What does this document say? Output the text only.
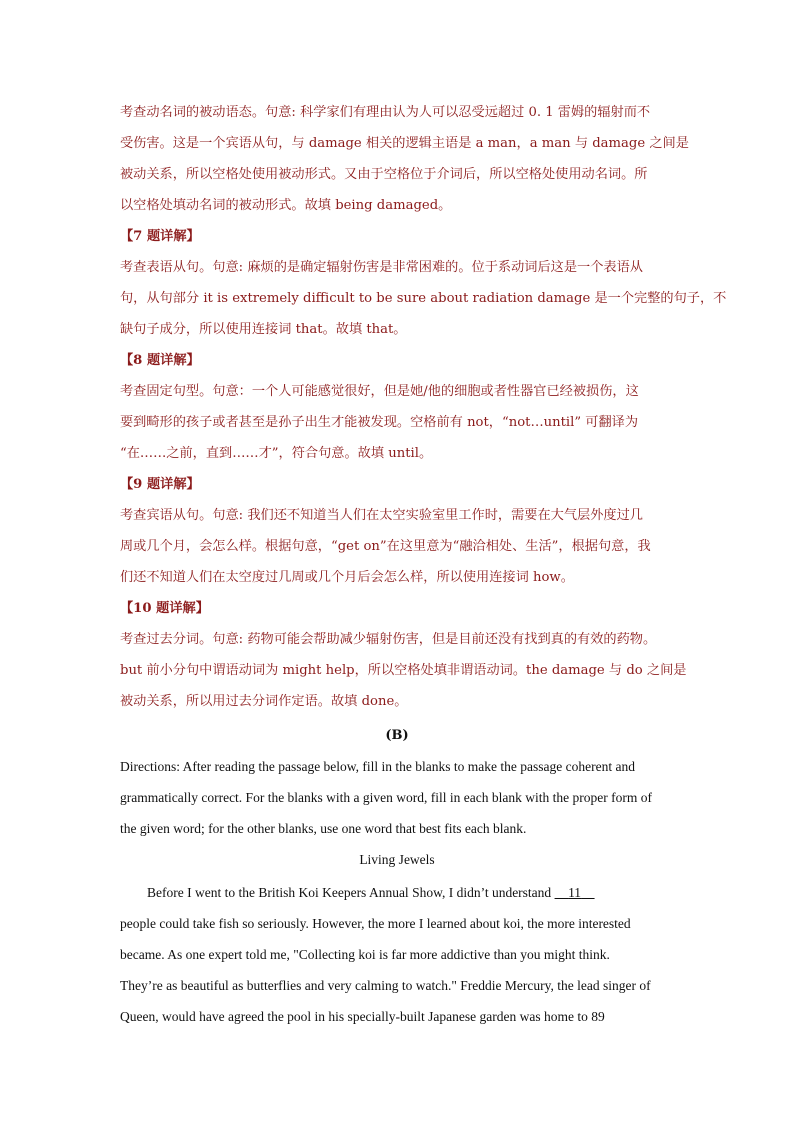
考查动名词的被动语态。句意: 科学家们有理由认为人可以忍受远超过 0. 1 雷姆的辐射而不
受伤害。这是一个宾语从句，与 damage 相关的逻辑主语是 a man，a man 与 damage 之间是
被动关系，所以空格处使用被动形式。又由于空格位于介词后，所以空格处使用动名词。所
以空格处填动名词的被动形式。故填 being damaged。
【7 题详解】
考查表语从句。句意: 麻烦的是确定辐射伤害是非常困难的。位于系动词后这是一个表语从
句，从句部分 it is extremely difficult to be sure about radiation damage 是一个完整的句子，不
缺句子成分，所以使用连接词 that。故填 that。
【8 题详解】
考查固定句型。句意：一个人可能感觉很好，但是她/他的细胞或者性器官已经被损伤，这
要到畸形的孩子或者甚至是孙子出生才能被发现。空格前有 not，“not…until” 可翻译为
“在……之前，直到……才”，符合句意。故填 until。
【9 题详解】
考查宾语从句。句意: 我们还不知道当人们在太空实验室里工作时，需要在大气层外度过几
周或几个月，会怎么样。根据句意，“get on”在这里意为“融洽相处、生活”，根据句意，我
们还不知道人们在太空度过几周或几个月后会怎么样，所以使用连接词 how。
【10 题详解】
考查过去分词。句意: 药物可能会帮助减少辐射伤害，但是目前还没有找到真的有效的药物。
but 前小分句中谓语动词为 might help，所以空格处填非谓语动词。the damage 与 do 之间是
被动关系，所以用过去分词作定语。故填 done。
(B)
Directions: After reading the passage below, fill in the blanks to make the passage coherent and
grammatically correct. For the blanks with a given word, fill in each blank with the proper form of
the given word; for the other blanks, use one word that best fits each blank.
Living Jewels
Before I went to the British Koi Keepers Annual Show, I didn’t understand     11
people could take fish so seriously. However, the more I learned about koi, the more interested
became. As one expert told me, "Collecting koi is far more addictive than you might think.
They’re as beautiful as butterflies and very calming to watch." Freddie Mercury, the lead singer of
Queen, would have agreed the pool in his specially-built Japanese garden was home to 89
